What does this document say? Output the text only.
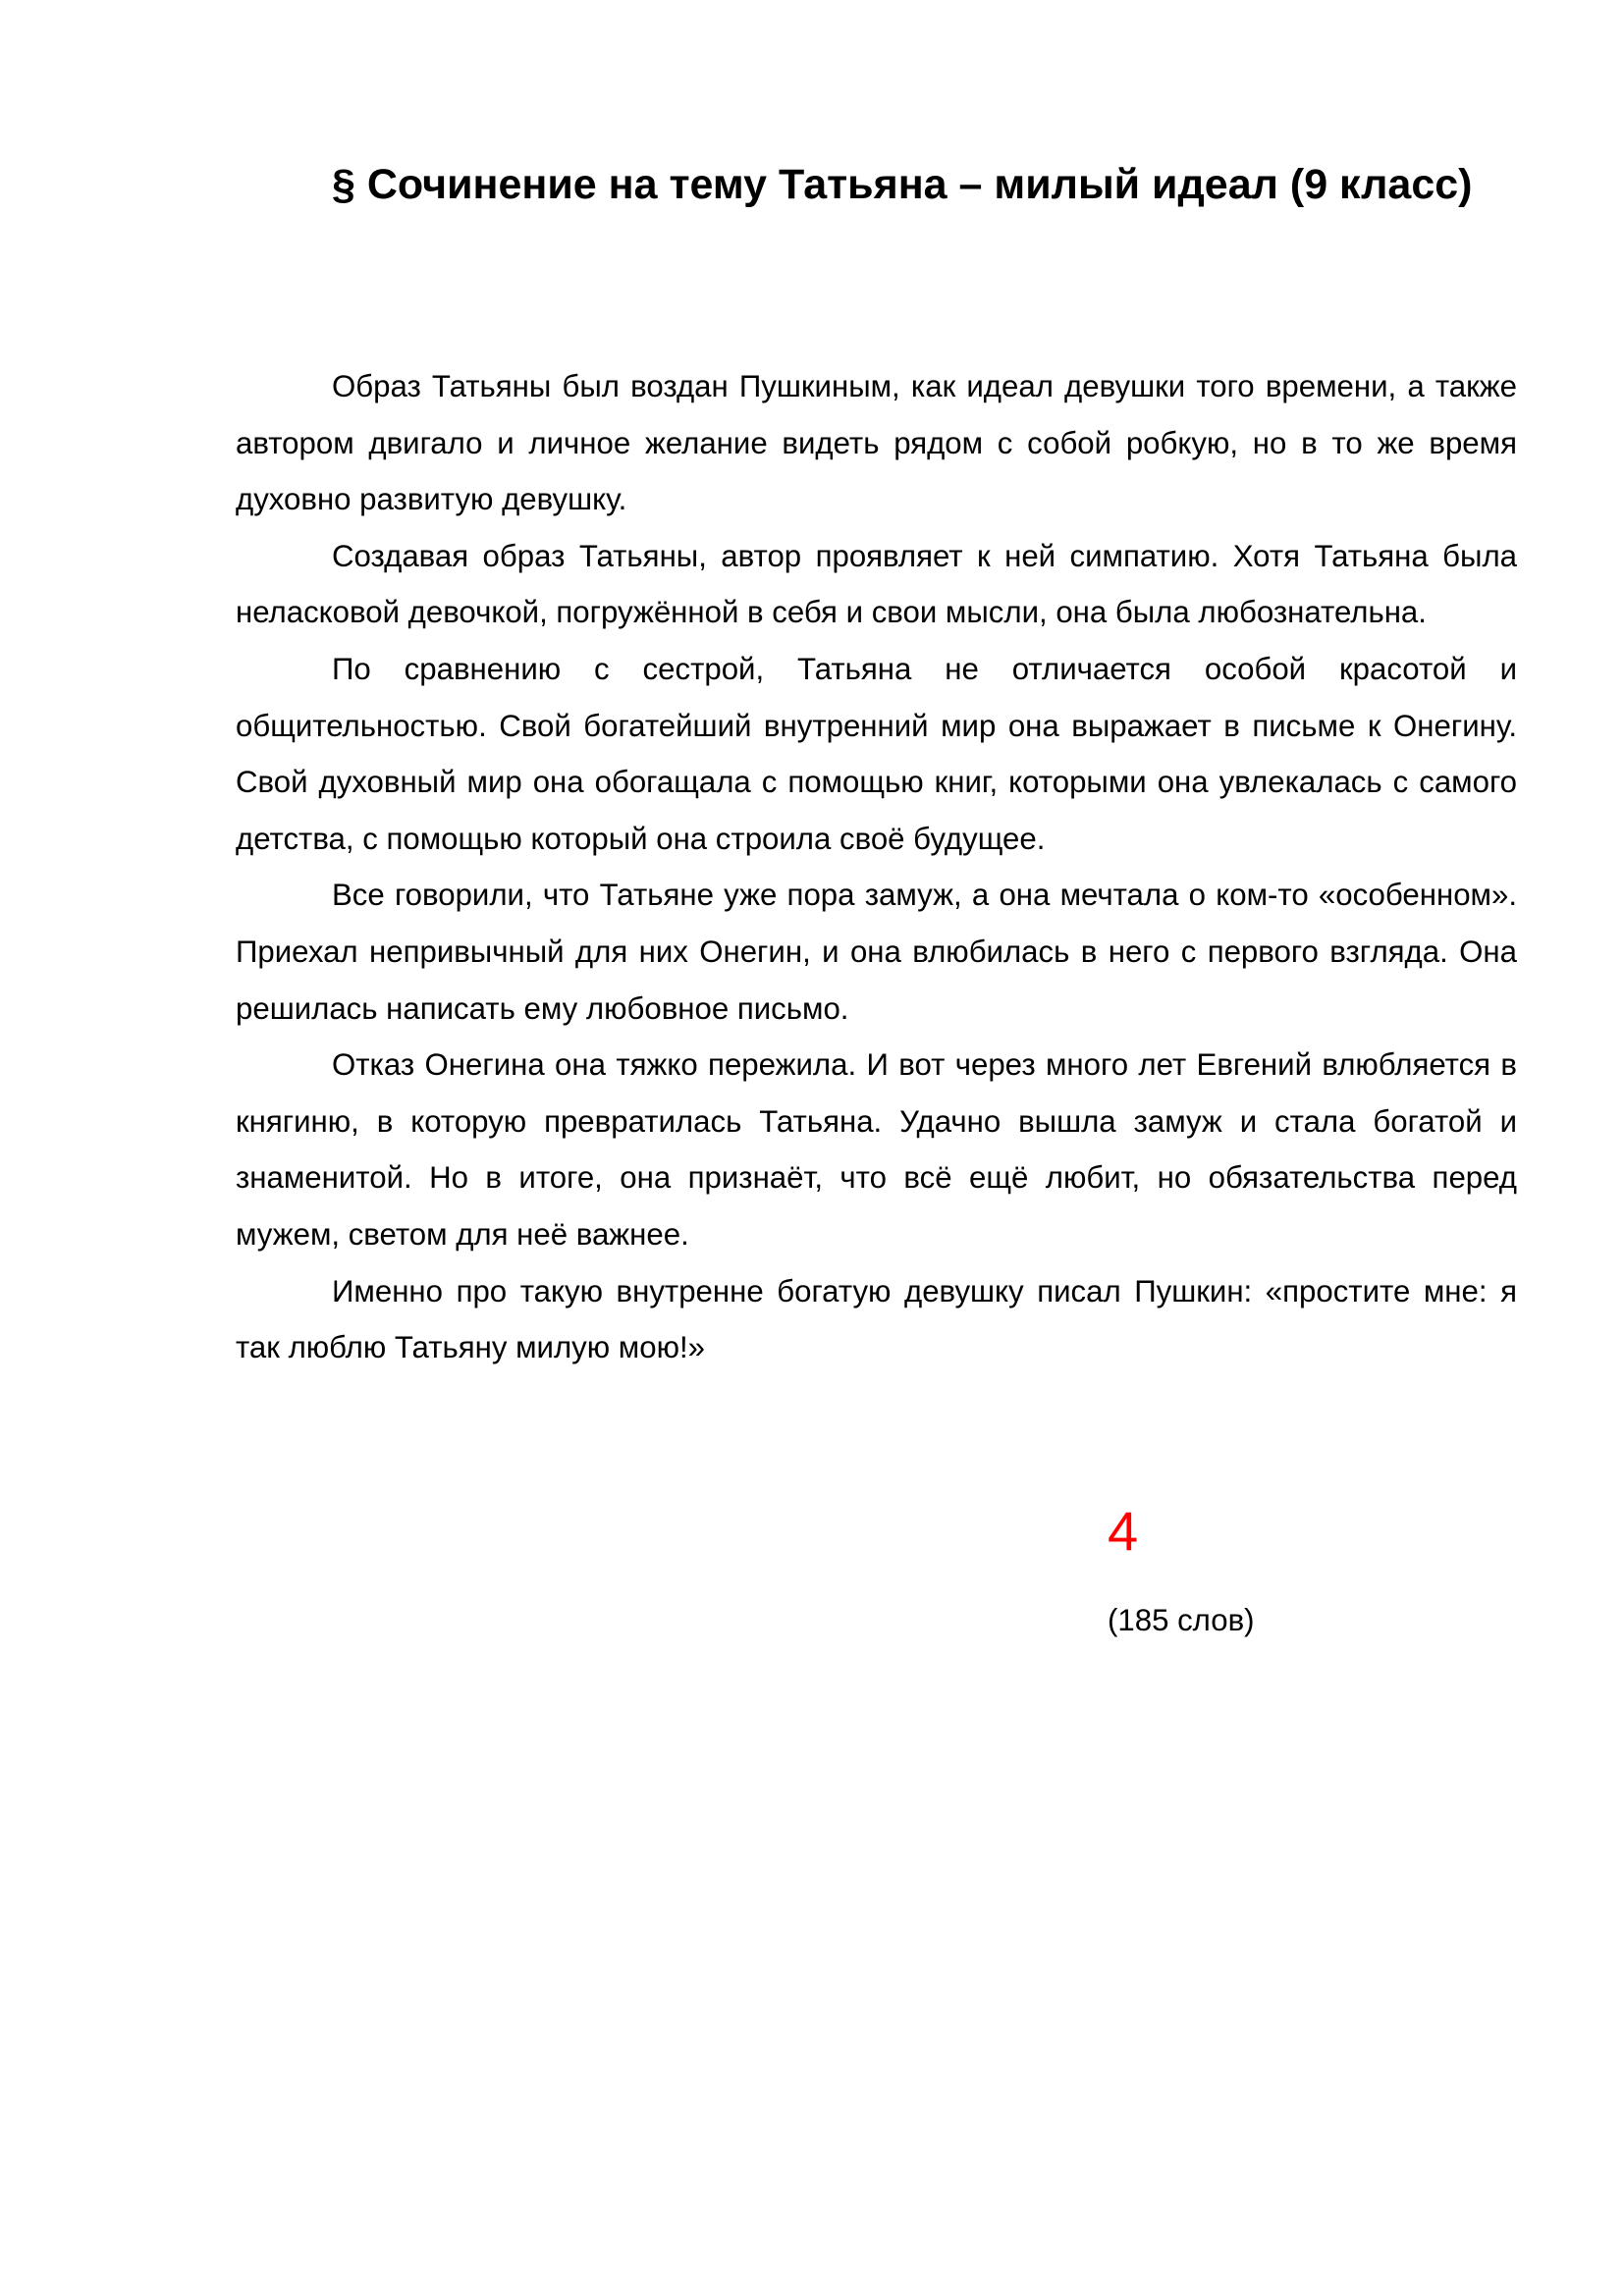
§ Сочинение на тему Татьяна – милый идеал (9 класс)

Образ Татьяны был воздан Пушкиным, как идеал девушки того времени, а также автором двигало и личное желание видеть рядом с собой робкую, но в то же время духовно развитую девушку.

Создавая образ Татьяны, автор проявляет к ней симпатию. Хотя Татьяна была неласковой девочкой, погружённой в себя и свои мысли, она была любознательна.

По сравнению с сестрой, Татьяна не отличается особой красотой и общительностью. Свой богатейший внутренний мир она выражает в письме к Онегину. Свой духовный мир она обогащала с помощью книг, которыми она увлекалась с самого детства, с помощью который она строила своё будущее.

Все говорили, что Татьяне уже пора замуж, а она мечтала о ком-то «особенном». Приехал непривычный для них Онегин, и она влюбилась в него с первого взгляда. Она решилась написать ему любовное письмо.

Отказ Онегина она тяжко пережила. И вот через много лет Евгений влюбляется в княгиню, в которую превратилась Татьяна. Удачно вышла замуж и стала богатой и знаменитой. Но в итоге, она признаёт, что всё ещё любит, но обязательства перед мужем, светом для неё важнее.

Именно про такую внутренне богатую девушку писал Пушкин: «простите мне: я так люблю Татьяну милую мою!»

4
(185 слов)
